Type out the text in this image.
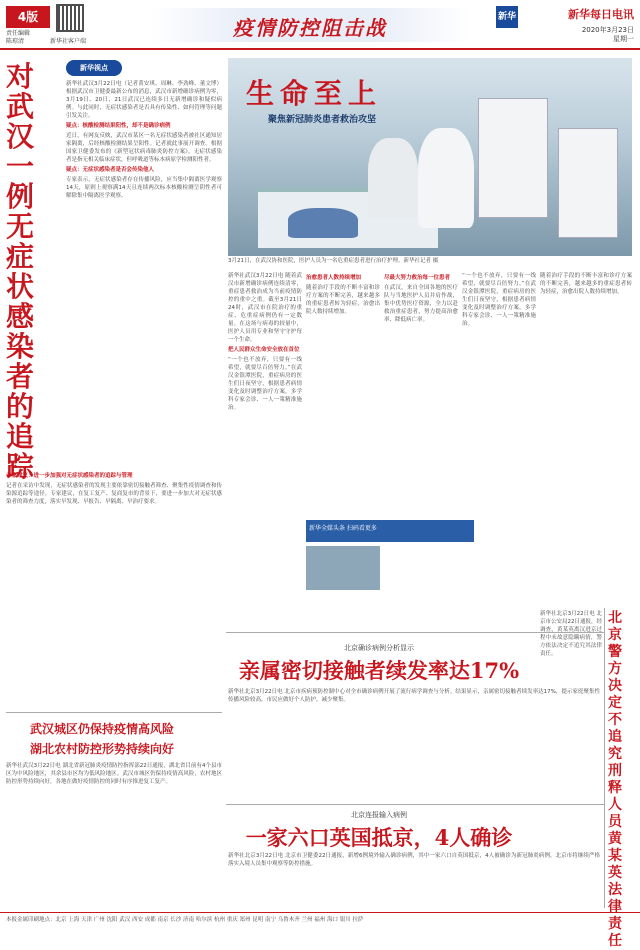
4版
责任编辑
陈琼清	新华社客户端
疫情防控阻击战	新华	新华每日电讯
2020年3月23日
星期一
对武汉一例无症状感染者的追踪
新华视点
新华社武汉3月22日电（记者黄安琪、周琳、李劲峰、董文博）根据武汉市卫健委最新公布的消息，武汉市新增确诊病例为零，3月19日、20日、21日武汉已连续多日无新增确诊和疑似病例。与此同时，无症状感染者是否具有传染性、如何管理等问题引发关注。
疑点：核酸检测结果阳性，却不是确诊病例
近日，有网友反映，武汉市某区一名无症状感染者被社区通知居家隔离，后经核酸检测结果呈阳性。记者就此事展开调查。根据国家卫健委发布的《新型冠状病毒肺炎防控方案》，无症状感染者是指无相关临床症状，但呼吸道等标本病原学检测阳性者。
疑点：无症状感染者是否会传染他人
专家表示，无症状感染者存在传播风险，应当集中隔离医学观察14天，原则上观察满14天且连续两次标本核酸检测呈阴性者可解除集中隔离医学观察。
专家建议：进一步加强对无症状感染者的追踪与管理
记者在采访中发现，无症状感染者的发现主要依靠密切接触者筛查、聚集性疫情调查和传染源追踪等途径。专家建议，在复工复产、复商复市的背景下，要进一步加大对无症状感染者的筛查力度，落实早发现、早报告、早隔离、早治疗要求。
生命至上
聚焦新冠肺炎患者救治攻坚
3月21日，在武汉协和医院，医护人员为一名危重症患者进行治疗护理。新华社记者 摄
新华社武汉3月22日电 随着武汉市新增确诊病例连续清零，重症患者救治成为当前疫情防控的重中之重。截至3月21日24时，武汉市在院治疗的重症、危重症病例仍有一定数量。在这场与病毒的较量中，医护人员用专业和坚守守护每一个生命。
把人民群众生命安全放在首位
“一个也不放弃，只要有一线希望，就要尽百倍努力。”在武汉金银潭医院，重症病房的医生们日夜坚守，根据患者病情变化及时调整治疗方案，多学科专家会诊、一人一策精准施治。
治愈患者人数持续增加
随着治疗手段的不断丰富和诊疗方案的不断完善，越来越多的重症患者转为轻症，治愈出院人数持续增加。
尽最大努力救治每一位患者
在武汉，来自全国各地的医疗队与当地医护人员并肩作战，集中优势医疗资源，全力以赴救治重症患者，努力提高治愈率、降低病亡率。
“一个也不放弃，只要有一线希望，就要尽百倍努力。”在武汉金银潭医院，重症病房的医生们日夜坚守，根据患者病情变化及时调整治疗方案，多学科专家会诊、一人一策精准施治。
随着治疗手段的不断丰富和诊疗方案的不断完善，越来越多的重症患者转为轻症，治愈出院人数持续增加。
新华全媒头条 扫码看更多
武汉城区仍保持疫情高风险
湖北农村防控形势持续向好
新华社武汉3月22日电 湖北省新冠肺炎疫情防控指挥部22日通报，湖北省目前有4个县市区为中风险地区，其余县市区均为低风险地区。武汉市城区仍保持疫情高风险，农村地区防控形势持续向好，各地在做好疫情防控的同时有序推进复工复产。
北京确诊病例分析显示
亲属密切接触者续发率达17%
新华社北京3月22日电 北京市疾病预防控制中心对全市确诊病例开展了流行病学调查与分析。结果显示，亲属密切接触者续发率达17%，提示家庭聚集性传播风险较高，市民应做好个人防护，减少聚集。
北京连报输入病例
一家六口英国抵京，4人确诊
新华社北京3月22日电 北京市卫健委22日通报，新增6例境外输入确诊病例，其中一家六口自英国抵京，4人被确诊为新冠肺炎病例。北京市将继续严格落实入境人员集中观察等防控措施。
新华社北京3月22日电 北京市公安局22日通报，经调查，黄某英离汉进京过程中未故意隐瞒病情，警方依法决定不追究其法律责任。
北京警方决定不追究刑释人员黄某英法律责任
本报金属印刷地点：北京 上海 天津 广州 沈阳 武汉 西安 成都 南京 长沙 济南 哈尔滨 杭州 重庆 郑州 昆明 南宁 乌鲁木齐 兰州 福州 海口 银川 拉萨
